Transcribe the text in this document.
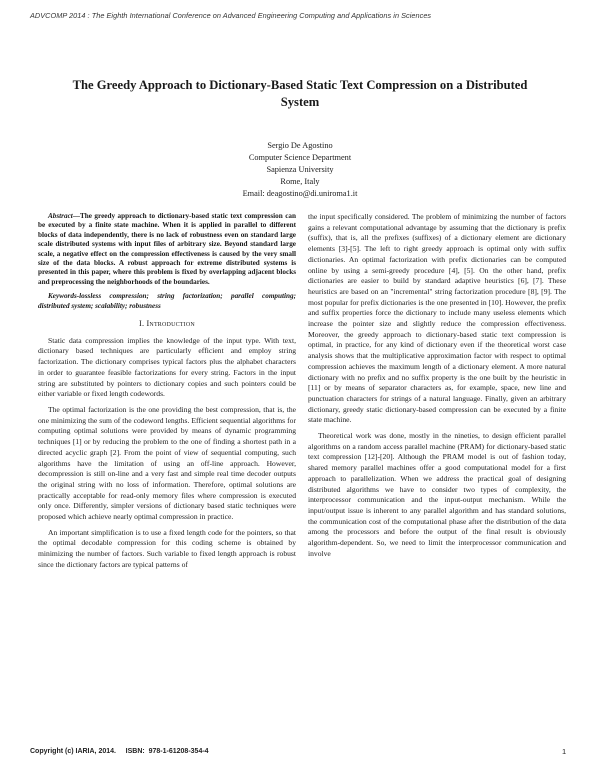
ADVCOMP 2014 : The Eighth International Conference on Advanced Engineering Computing and Applications in Sciences
The Greedy Approach to Dictionary-Based Static Text Compression on a Distributed System
Sergio De Agostino
Computer Science Department
Sapienza University
Rome, Italy
Email: deagostino@di.uniroma1.it
Abstract—The greedy approach to dictionary-based static text compression can be executed by a finite state machine. When it is applied in parallel to different blocks of data independently, there is no lack of robustness even on standard large scale distributed systems with input files of arbitrary size. Beyond standard large scale, a negative effect on the compression effectiveness is caused by the very small size of the data blocks. A robust approach for extreme distributed systems is presented in this paper, where this problem is fixed by overlapping adjacent blocks and preprocessing the neighborhoods of the boundaries.
Keywords-lossless compression; string factorization; parallel computing; distributed system; scalability; robustness
I. Introduction

Static data compression implies the knowledge of the input type. With text, dictionary based techniques are particularly efficient and employ string factorization. The dictionary comprises typical factors plus the alphabet characters in order to guarantee feasible factorizations for every string. Factors in the input string are substituted by pointers to dictionary copies and such pointers could be either variable or fixed length codewords.

The optimal factorization is the one providing the best compression, that is, the one minimizing the sum of the codeword lengths. Efficient sequential algorithms for computing optimal solutions were provided by means of dynamic programming techniques [1] or by reducing the problem to the one of finding a shortest path in a directed acyclic graph [2]. From the point of view of sequential computing, such algorithms have the limitation of using an off-line approach. However, decompression is still on-line and a very fast and simple real time decoder outputs the original string with no loss of information. Therefore, optimal solutions are practically acceptable for read-only memory files where compression is executed only once. Differently, simpler versions of dictionary based static techniques were proposed which achieve nearly optimal compression in practice.

An important simplification is to use a fixed length code for the pointers, so that the optimal decodable compression for this coding scheme is obtained by minimizing the number of factors. Such variable to fixed length approach is robust since the dictionary factors are typical patterns of

the input specifically considered. The problem of minimizing the number of factors gains a relevant computational advantage by assuming that the dictionary is prefix (suffix), that is, all the prefixes (suffixes) of a dictionary element are dictionary elements [3]-[5]. The left to right greedy approach is optimal only with suffix dictionaries. An optimal factorization with prefix dictionaries can be computed online by using a semi-greedy procedure [4], [5]. On the other hand, prefix dictionaries are easier to build by standard adaptive heuristics [6], [7]. These heuristics are based on an "incremental" string factorization procedure [8], [9]. The most popular for prefix dictionaries is the one presented in [10]. However, the prefix and suffix properties force the dictionary to include many useless elements which increase the pointer size and slightly reduce the compression effectiveness. Moreover, the greedy approach to dictionary-based static text compression is optimal, in practice, for any kind of dictionary even if the theoretical worst case analysis shows that the multiplicative approximation factor with respect to optimal compression achieves the maximum length of a dictionary element. A more natural dictionary with no prefix and no suffix property is the one built by the heuristic in [11] or by means of separator characters as, for example, space, new line and punctuation characters for strings of a natural language. Finally, given an arbitrary dictionary, greedy static dictionary-based compression can be executed by a finite state machine.

Theoretical work was done, mostly in the nineties, to design efficient parallel algorithms on a random access parallel machine (PRAM) for dictionary-based static text compression [12]-[20]. Although the PRAM model is out of fashion today, shared memory parallel machines offer a good computational model for a first approach to parallelization. When we address the practical goal of designing distributed algorithms we have to consider two types of complexity, the interprocessor communication and the input-output mechanism. While the input/output issue is inherent to any parallel algorithm and has standard solutions, the communication cost of the computational phase after the distribution of the data among the processors and before the output of the final result is obviously algorithm-dependent. So, we need to limit the interprocessor communication and involve

Copyright (c) IARIA, 2014.     ISBN:  978-1-61208-354-4	1
